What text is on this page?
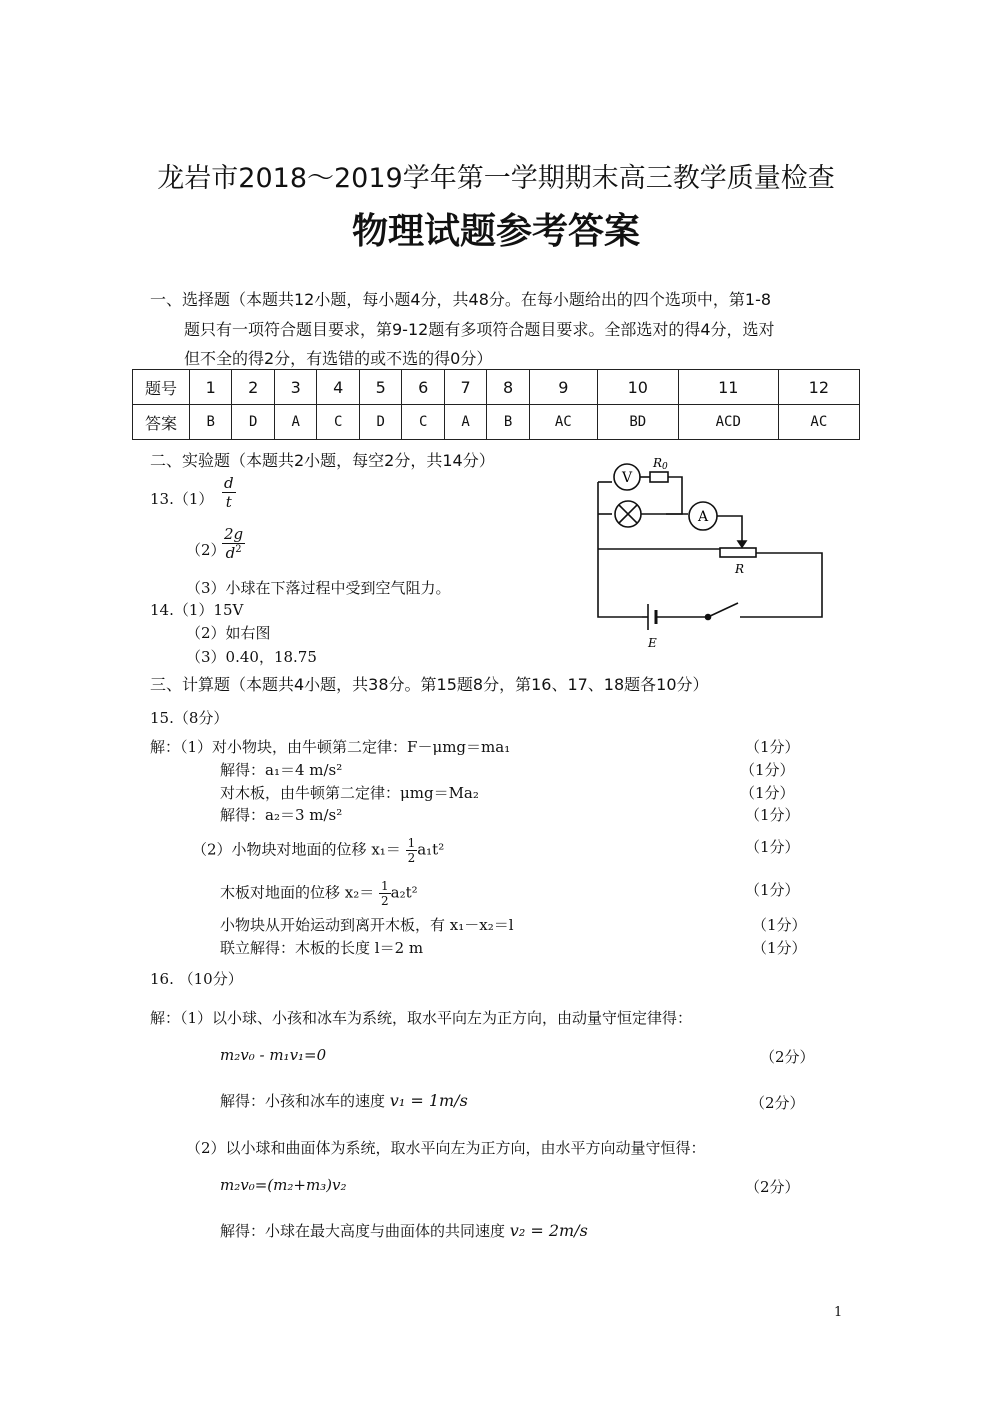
龙岩市2018～2019学年第一学期期末高三教学质量检查
物理试题参考答案
一、选择题（本题共12小题，每小题4分，共48分。在每小题给出的四个选项中，第1-8
题只有一项符合题目要求，第9-12题有多项符合题目要求。全部选对的得4分，选对
但不全的得2分，有选错的或不选的得0分）
题号	1	2	3	4	5	6	7	8	9	10	11	12
答案	B	D	A	C	D	C	A	B	AC	BD	ACD	AC
二、实验题（本题共2小题，每空2分，共14分）
$13.(1) \frac{d}{t}$
（2）
$\frac{2g}{d^2}$
（3）小球在下落过程中受到空气阻力。
14.（1）15V
（2）如右图
（3）0.40，18.75
V
R0
A
R
E
三、计算题（本题共4小题，共38分。第15题8分，第16、17、18题各10分）
15.（8分）
解：（1）对小物块，由牛顿第二定律：F－μmg＝ma₁	（1分）
解得：a₁＝4 m/s²	（1分）
对木板，由牛顿第二定律：μmg＝Ma₂	（1分）
解得：a₂＝3 m/s²	（1分）
（2）小物块对地面的位移 $x_1= \frac{1}{2} a_1t^2$	（1分）
木板对地面的位移 $x_2= \frac{1}{2} a_2t^2$	（1分）
小物块从开始运动到离开木板，有 x₁－x₂＝l	（1分）
联立解得：木板的长度 l＝2 m	（1分）
16. （10分）
解：（1）以小球、小孩和冰车为系统，取水平向左为正方向，由动量守恒定律得：
m₂v₀ - m₁v₁=0	（2分）
解得：小孩和冰车的速度 v₁ = 1m/s	（2分）
（2）以小球和曲面体为系统，取水平向左为正方向，由水平方向动量守恒得：
m₂v₀=(m₂+m₃)v₂	（2分）
解得：小球在最大高度与曲面体的共同速度 v₂ = 2m/s
1
